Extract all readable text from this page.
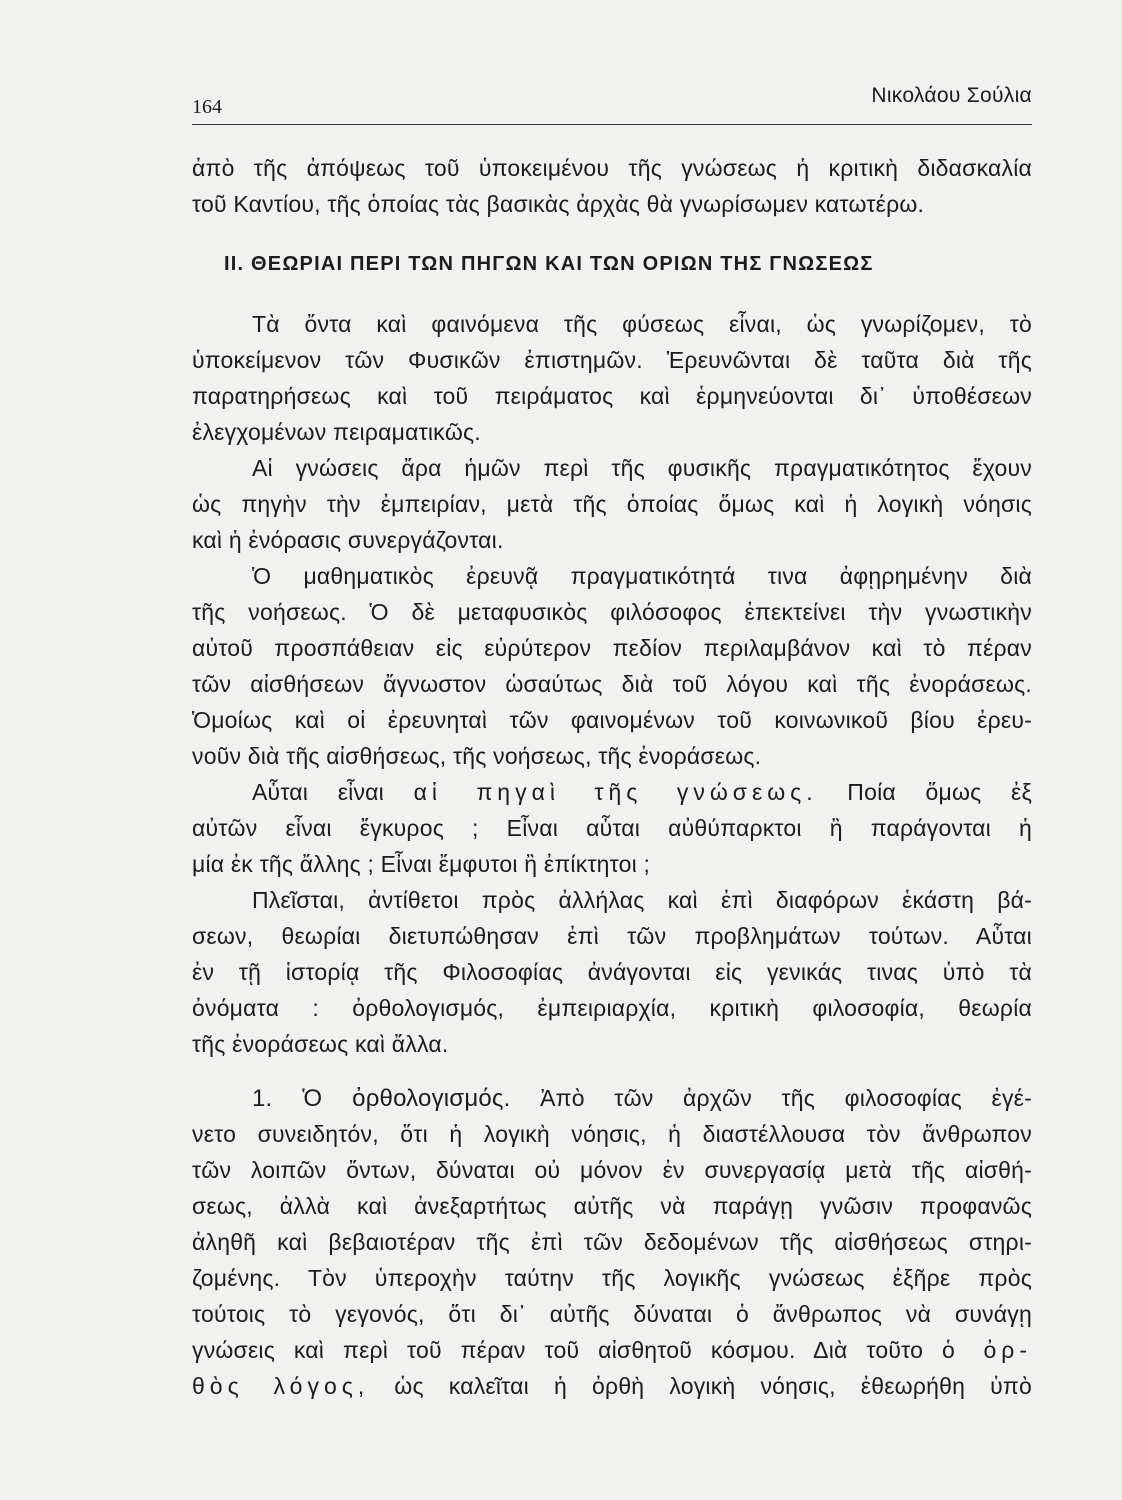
164	Νικολάου Σούλια
ἀπὸ τῆς ἀπόψεως τοῦ ὑποκειμένου τῆς γνώσεως ἡ κριτικὴ διδασκαλία
τοῦ Καντίου, τῆς ὁποίας τὰς βασικὰς ἀρχὰς θὰ γνωρίσωμεν κατωτέρω.
ΙΙ. ΘΕΩΡΙΑΙ ΠΕΡΙ ΤΩΝ ΠΗΓΩΝ ΚΑΙ ΤΩΝ ΟΡΙΩΝ ΤΗΣ ΓΝΩΣΕΩΣ
Τὰ ὄντα καὶ φαινόμενα τῆς φύσεως εἶναι, ὡς γνωρίζομεν, τὸ
ὑποκείμενον τῶν Φυσικῶν ἐπιστημῶν. Ἐρευνῶνται δὲ ταῦτα διὰ τῆς
παρατηρήσεως καὶ τοῦ πειράματος καὶ ἑρμηνεύονται δι᾽ ὑποθέσεων
ἐλεγχομένων πειραματικῶς.
Αἱ γνώσεις ἄρα ἡμῶν περὶ τῆς φυσικῆς πραγματικότητος ἔχουν
ὡς πηγὴν τὴν ἐμπειρίαν, μετὰ τῆς ὁποίας ὅμως καὶ ἡ λογικὴ νόησις
καὶ ἡ ἐνόρασις συνεργάζονται.
Ὁ μαθηματικὸς ἐρευνᾷ πραγματικότητά τινα ἀφῃρημένην διὰ
τῆς νοήσεως. Ὁ δὲ μεταφυσικὸς φιλόσοφος ἐπεκτείνει τὴν γνωστικὴν
αὐτοῦ προσπάθειαν εἰς εὐρύτερον πεδίον περιλαμβάνον καὶ τὸ πέραν
τῶν αἰσθήσεων ἄγνωστον ὡσαύτως διὰ τοῦ λόγου καὶ τῆς ἐνοράσεως.
Ὁμοίως καὶ οἱ ἐρευνηταὶ τῶν φαινομένων τοῦ κοινωνικοῦ βίου ἐρευ-
νοῦν διὰ τῆς αἰσθήσεως, τῆς νοήσεως, τῆς ἐνοράσεως.
Αὗται εἶναι αἱ πηγαὶ τῆς γνώσεως. Ποία ὅμως ἐξ
αὐτῶν εἶναι ἔγκυρος ; Εἶναι αὗται αὐθύπαρκτοι ἢ παράγονται ἡ
μία ἐκ τῆς ἄλλης ; Εἶναι ἔμφυτοι ἢ ἐπίκτητοι ;
Πλεῖσται, ἀντίθετοι πρὸς ἀλλήλας καὶ ἐπὶ διαφόρων ἑκάστη βά-
σεων, θεωρίαι διετυπώθησαν ἐπὶ τῶν προβλημάτων τούτων. Αὗται
ἐν τῇ ἱστορίᾳ τῆς Φιλοσοφίας ἀνάγονται εἰς γενικάς τινας ὑπὸ τὰ
ὀνόματα : ὀρθολογισμός, ἐμπειριαρχία, κριτικὴ φιλοσοφία, θεωρία
τῆς ἐνοράσεως καὶ ἄλλα.
1. Ὁ ὀρθολογισμός. Ἀπὸ τῶν ἀρχῶν τῆς φιλοσοφίας ἐγέ-
νετο συνειδητόν, ὅτι ἡ λογικὴ νόησις, ἡ διαστέλλουσα τὸν ἄνθρωπον
τῶν λοιπῶν ὄντων, δύναται οὐ μόνον ἐν συνεργασίᾳ μετὰ τῆς αἰσθή-
σεως, ἀλλὰ καὶ ἀνεξαρτήτως αὐτῆς νὰ παράγῃ γνῶσιν προφανῶς
ἀληθῆ καὶ βεβαιοτέραν τῆς ἐπὶ τῶν δεδομένων τῆς αἰσθήσεως στηρι-
ζομένης. Τὸν ὑπεροχὴν ταύτην τῆς λογικῆς γνώσεως ἐξῆρε πρὸς
τούτοις τὸ γεγονός, ὅτι δι᾽ αὐτῆς δύναται ὁ ἄνθρωπος νὰ συνάγῃ
γνώσεις καὶ περὶ τοῦ πέραν τοῦ αἰσθητοῦ κόσμου. Διὰ τοῦτο ὁ ὀρ-
θὸς λόγος, ὡς καλεῖται ἡ ὀρθὴ λογικὴ νόησις, ἐθεωρήθη ὑπὸ
